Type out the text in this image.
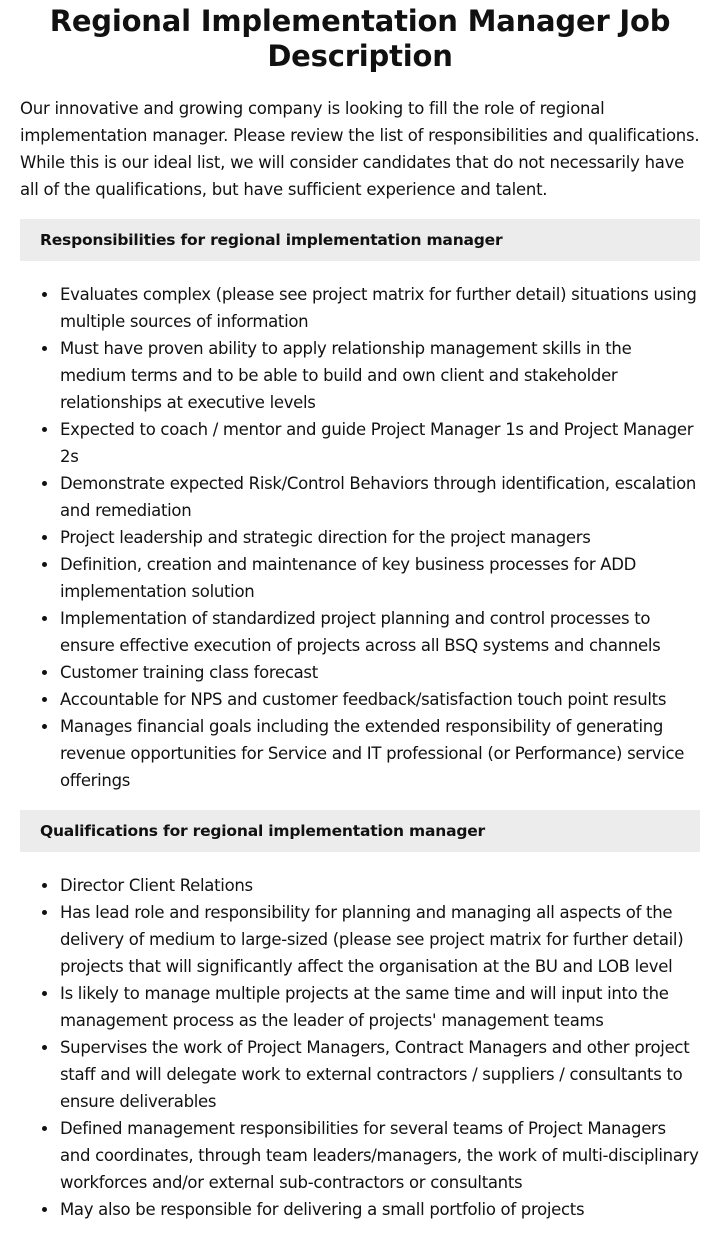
Regional Implementation Manager Job Description

Our innovative and growing company is looking to fill the role of regional implementation manager. Please review the list of responsibilities and qualifications. While this is our ideal list, we will consider candidates that do not necessarily have all of the qualifications, but have sufficient experience and talent.

Responsibilities for regional implementation manager
Evaluates complex (please see project matrix for further detail) situations using multiple sources of information
Must have proven ability to apply relationship management skills in the medium terms and to be able to build and own client and stakeholder relationships at executive levels
Expected to coach / mentor and guide Project Manager 1s and Project Manager 2s
Demonstrate expected Risk/Control Behaviors through identification, escalation and remediation
Project leadership and strategic direction for the project managers
Definition, creation and maintenance of key business processes for ADD implementation solution
Implementation of standardized project planning and control processes to ensure effective execution of projects across all BSQ systems and channels
Customer training class forecast
Accountable for NPS and customer feedback/satisfaction touch point results
Manages financial goals including the extended responsibility of generating revenue opportunities for Service and IT professional (or Performance) service offerings
Qualifications for regional implementation manager
Director Client Relations
Has lead role and responsibility for planning and managing all aspects of the delivery of medium to large-sized (please see project matrix for further detail) projects that will significantly affect the organisation at the BU and LOB level
Is likely to manage multiple projects at the same time and will input into the management process as the leader of projects' management teams
Supervises the work of Project Managers, Contract Managers and other project staff and will delegate work to external contractors / suppliers / consultants to ensure deliverables
Defined management responsibilities for several teams of Project Managers and coordinates, through team leaders/managers, the work of multi-disciplinary workforces and/or external sub-contractors or consultants
May also be responsible for delivering a small portfolio of projects
